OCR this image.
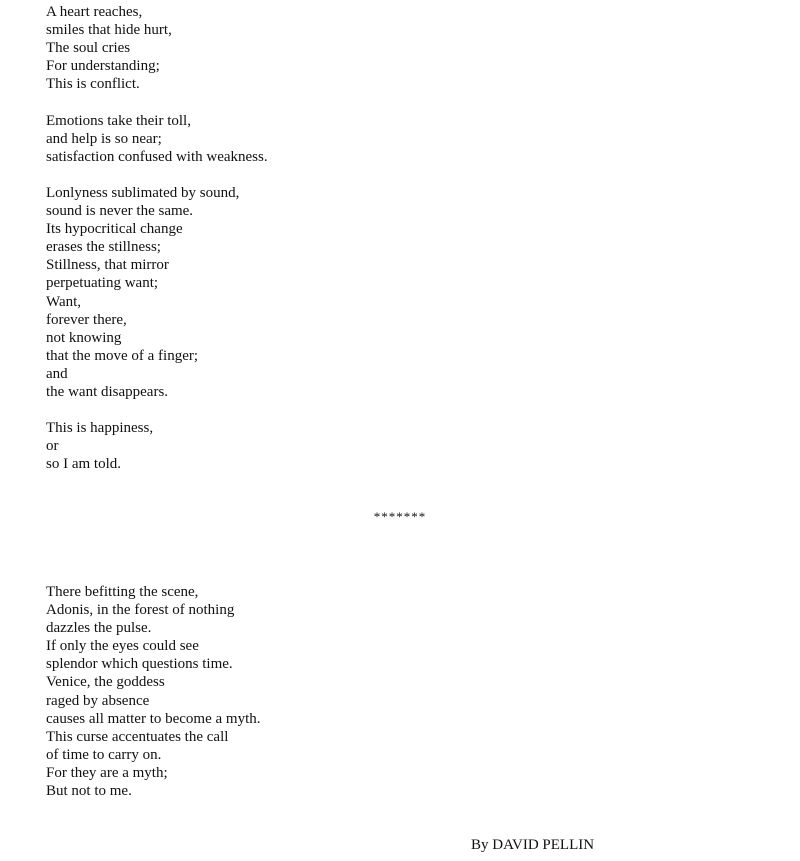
A heart reaches,
smiles that hide hurt,
The soul cries
For understanding;
This is conflict.

Emotions take their toll,
and help is so near;
satisfaction confused with weakness.

Lonlyness sublimated by sound,
sound is never the same.
Its hypocritical change
erases the stillness;
Stillness, that mirror
perpetuating want;
Want,
forever there,
not knowing
that the move of a finger;
and
the want disappears.

This is happiness,
or
so I am told.

*******

There befitting the scene,
Adonis, in the forest of nothing
dazzles the pulse.
If only the eyes could see
splendor which questions time.
Venice, the goddess
raged by absence
causes all matter to become a myth.
This curse accentuates the call
of time to carry on.
For they are a myth;
But not to me.

By DAVID PELLIN
